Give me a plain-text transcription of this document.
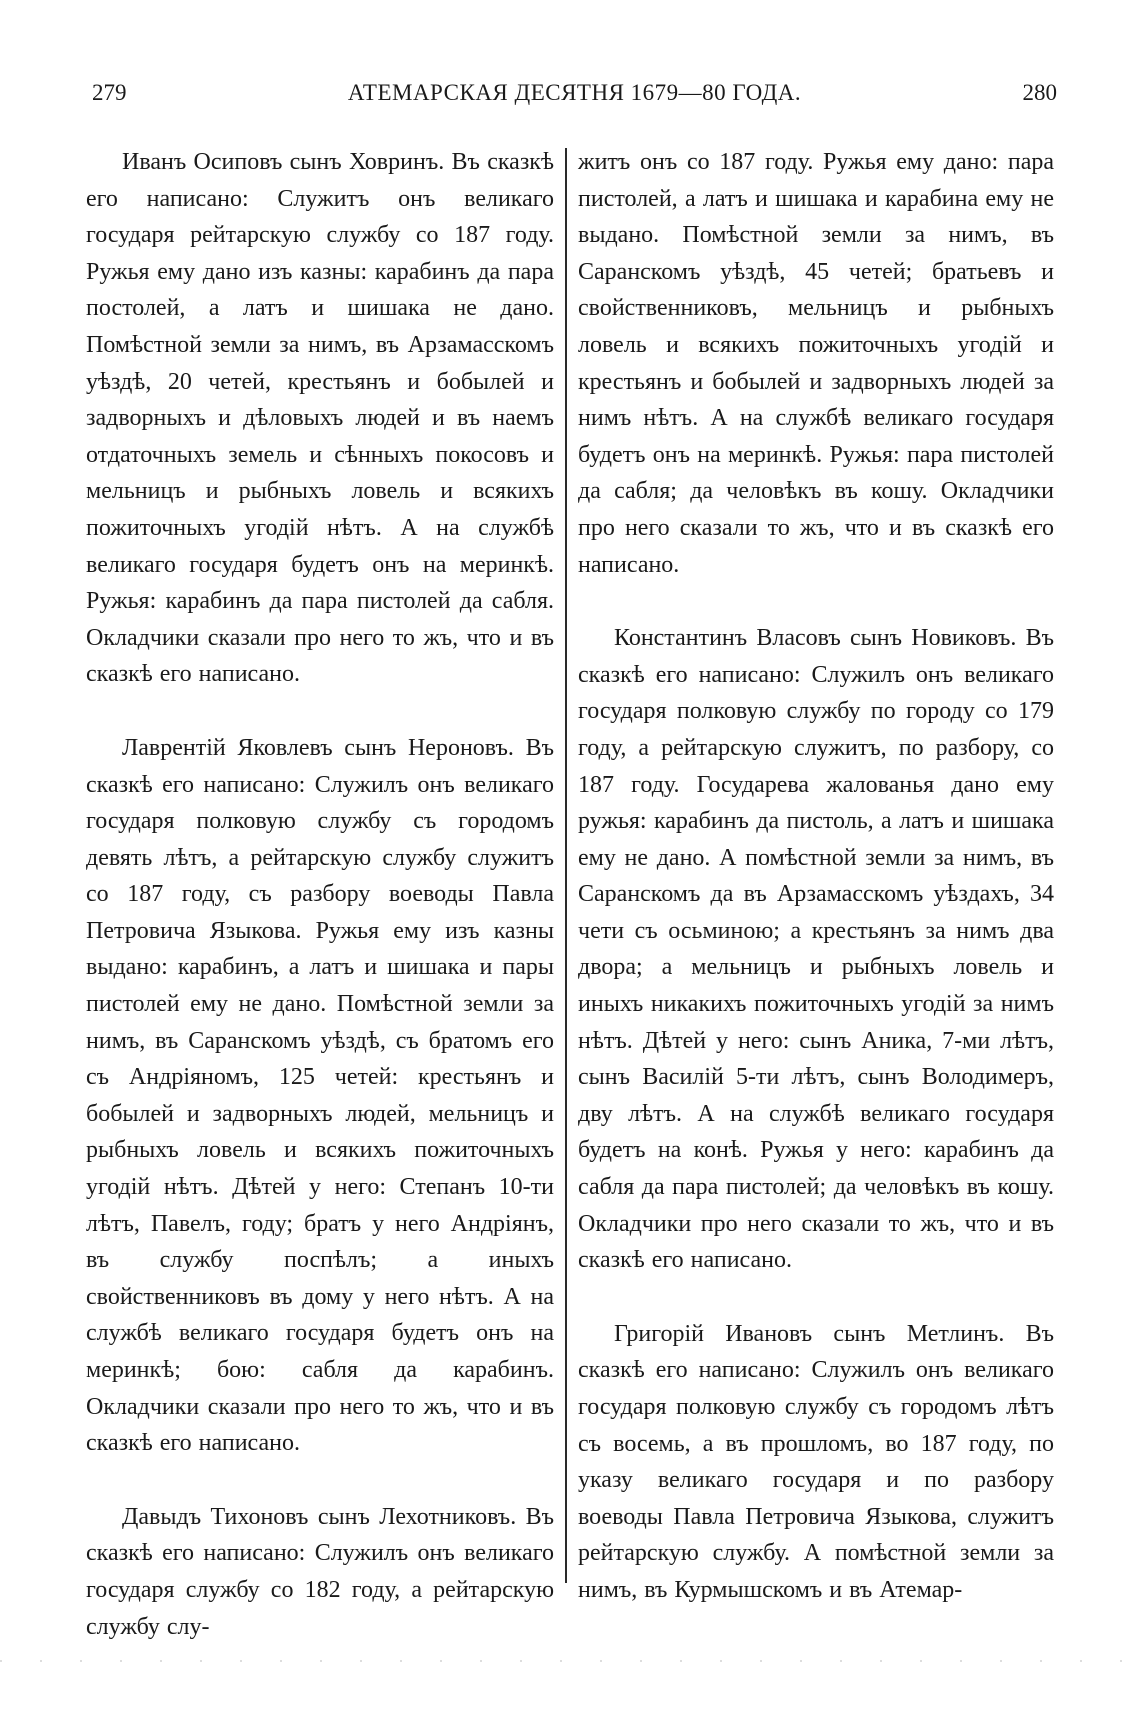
279	АТЕМАРСКАЯ ДЕСЯТНЯ 1679—80 ГОДА.	280

Иванъ Осиповъ сынъ Ховринъ. Въ сказкѣ его написано: Служитъ онъ великаго государя рейтарскую службу со 187 году. Ружья ему дано изъ казны: карабинъ да пара постолей, а латъ и шишака не дано. Помѣстной земли за нимъ, въ Арзамасскомъ уѣздѣ, 20 четей, крестьянъ и бобылей и задворныхъ и дѣловыхъ людей и въ наемъ отдаточныхъ земель и сѣнныхъ покосовъ и мельницъ и рыбныхъ ловель и всякихъ пожиточныхъ угодій нѣтъ. А на службѣ великаго государя будетъ онъ на меринкѣ. Ружья: карабинъ да пара пистолей да сабля. Окладчики сказали про него то жъ, что и въ сказкѣ его написано.

Лаврентій Яковлевъ сынъ Нероновъ. Въ сказкѣ его написано: Служилъ онъ великаго государя полковую службу съ городомъ девять лѣтъ, а рейтарскую службу служитъ со 187 году, съ разбору воеводы Павла Петровича Языкова. Ружья ему изъ казны выдано: карабинъ, а латъ и шишака и пары пистолей ему не дано. Помѣстной земли за нимъ, въ Саранскомъ уѣздѣ, съ братомъ его съ Андріяномъ, 125 четей: крестьянъ и бобылей и задворныхъ людей, мельницъ и рыбныхъ ловель и всякихъ пожиточныхъ угодій нѣтъ. Дѣтей у него: Степанъ 10-ти лѣтъ, Павелъ, году; братъ у него Андріянъ, въ службу поспѣлъ; а иныхъ свойственниковъ въ дому у него нѣтъ. А на службѣ великаго государя будетъ онъ на меринкѣ; бою: сабля да карабинъ. Окладчики сказали про него то жъ, что и въ сказкѣ его написано.

Давыдъ Тихоновъ сынъ Лехотниковъ. Въ сказкѣ его написано: Служилъ онъ великаго государя службу со 182 году, а рейтарскую службу слу-

житъ онъ со 187 году. Ружья ему дано: пара пистолей, а латъ и шишака и карабина ему не выдано. Помѣстной земли за нимъ, въ Саранскомъ уѣздѣ, 45 четей; братьевъ и свойственниковъ, мельницъ и рыбныхъ ловель и всякихъ пожиточныхъ угодій и крестьянъ и бобылей и задворныхъ людей за нимъ нѣтъ. А на службѣ великаго государя будетъ онъ на меринкѣ. Ружья: пара пистолей да сабля; да человѣкъ въ кошу. Окладчики про него сказали то жъ, что и въ сказкѣ его написано.

Константинъ Власовъ сынъ Новиковъ. Въ сказкѣ его написано: Служилъ онъ великаго государя полковую службу по городу со 179 году, а рейтарскую служитъ, по разбору, со 187 году. Государева жалованья дано ему ружья: карабинъ да пистоль, а латъ и шишака ему не дано. А помѣстной земли за нимъ, въ Саранскомъ да въ Арзамасскомъ уѣздахъ, 34 чети съ осьминою; а крестьянъ за нимъ два двора; а мельницъ и рыбныхъ ловель и иныхъ никакихъ пожиточныхъ угодій за нимъ нѣтъ. Дѣтей у него: сынъ Аника, 7-ми лѣтъ, сынъ Василій 5-ти лѣтъ, сынъ Володимеръ, дву лѣтъ. А на службѣ великаго государя будетъ на конѣ. Ружья у него: карабинъ да сабля да пара пистолей; да человѣкъ въ кошу. Окладчики про него сказали то жъ, что и въ сказкѣ его написано.

Григорій Ивановъ сынъ Метлинъ. Въ сказкѣ его написано: Служилъ онъ великаго государя полковую службу съ городомъ лѣтъ съ восемь, а въ прошломъ, во 187 году, по указу великаго государя и по разбору воеводы Павла Петровича Языкова, служитъ рейтарскую службу. А помѣстной земли за нимъ, въ Курмышскомъ и въ Атемар-
